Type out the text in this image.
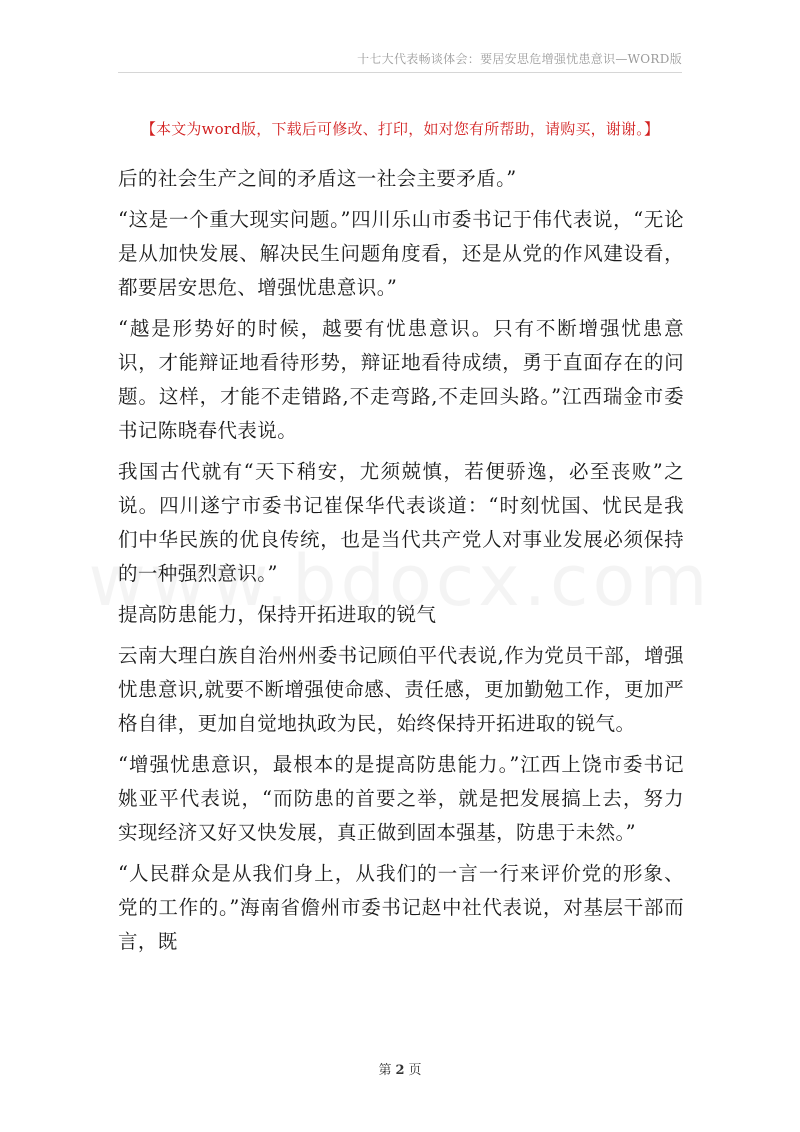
十七大代表畅谈体会：要居安思危增强忧患意识—WORD版
【本文为word版，下载后可修改、打印，如对您有所帮助，请购买，谢谢。】

后的社会生产之间的矛盾这一社会主要矛盾。”

“这是一个重大现实问题。”四川乐山市委书记于伟代表说，“无论是从加快发展、解决民生问题角度看，还是从党的作风建设看，都要居安思危、增强忧患意识。”

“越是形势好的时候，越要有忧患意识。只有不断增强忧患意识，才能辩证地看待形势，辩证地看待成绩，勇于直面存在的问题。这样，才能不走错路,不走弯路,不走回头路。”江西瑞金市委书记陈晓春代表说。

我国古代就有“天下稍安，尤须兢慎，若便骄逸，必至丧败”之说。四川遂宁市委书记崔保华代表谈道：“时刻忧国、忧民是我们中华民族的优良传统，也是当代共产党人对事业发展必须保持的一种强烈意识。”

提高防患能力，保持开拓进取的锐气

云南大理白族自治州州委书记顾伯平代表说,作为党员干部，增强忧患意识,就要不断增强使命感、责任感，更加勤勉工作，更加严格自律，更加自觉地执政为民，始终保持开拓进取的锐气。

“增强忧患意识，最根本的是提高防患能力。”江西上饶市委书记姚亚平代表说，“而防患的首要之举，就是把发展搞上去，努力实现经济又好又快发展，真正做到固本强基，防患于未然。”

“人民群众是从我们身上，从我们的一言一行来评价党的形象、党的工作的。”海南省儋州市委书记赵中社代表说，对基层干部而言，既

第 2 页
